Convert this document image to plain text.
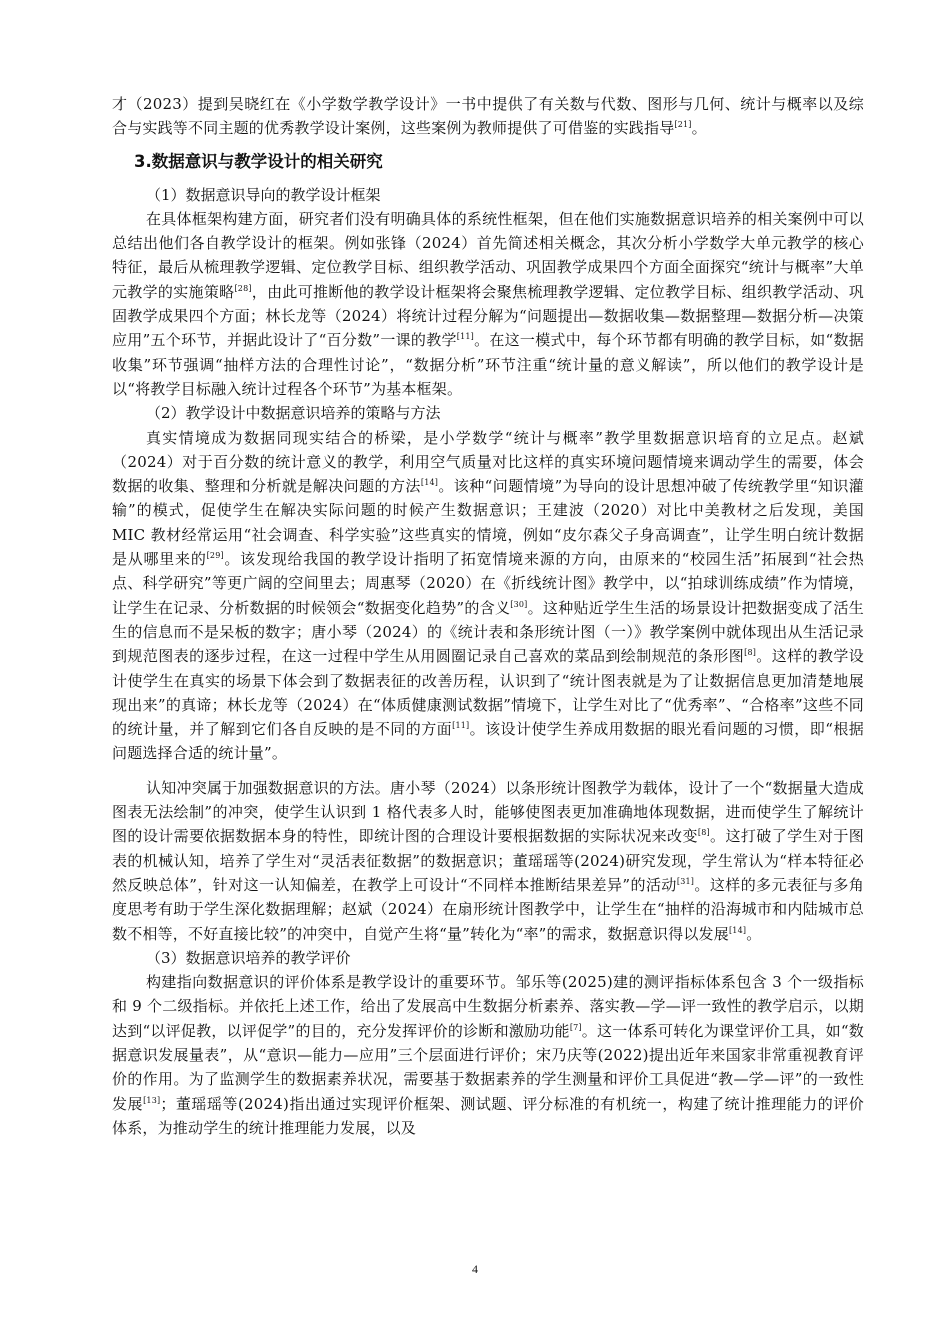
才（2023）提到吴晓红在《小学数学教学设计》一书中提供了有关数与代数、图形与几何、统计与概率以及综合与实践等不同主题的优秀教学设计案例，这些案例为教师提供了可借鉴的实践指导[21]。

3.数据意识与教学设计的相关研究
（1）数据意识导向的教学设计框架

在具体框架构建方面，研究者们没有明确具体的系统性框架，但在他们实施数据意识培养的相关案例中可以总结出他们各自教学设计的框架。例如张锋（2024）首先简述相关概念，其次分析小学数学大单元教学的核心特征，最后从梳理教学逻辑、定位教学目标、组织教学活动、巩固教学成果四个方面全面探究“统计与概率”大单元教学的实施策略[28]，由此可推断他的教学设计框架将会聚焦梳理教学逻辑、定位教学目标、组织教学活动、巩固教学成果四个方面；林长龙等（2024）将统计过程分解为“问题提出—数据收集—数据整理—数据分析—决策应用”五个环节，并据此设计了“百分数”一课的教学[11]。在这一模式中，每个环节都有明确的教学目标，如“数据收集”环节强调“抽样方法的合理性讨论”，“数据分析”环节注重“统计量的意义解读”，所以他们的教学设计是以“将教学目标融入统计过程各个环节”为基本框架。

（2）教学设计中数据意识培养的策略与方法

真实情境成为数据同现实结合的桥梁，是小学数学“统计与概率”教学里数据意识培育的立足点。赵斌（2024）对于百分数的统计意义的教学，利用空气质量对比这样的真实环境问题情境来调动学生的需要，体会数据的收集、整理和分析就是解决问题的方法[14]。该种“问题情境”为导向的设计思想冲破了传统教学里“知识灌输”的模式，促使学生在解决实际问题的时候产生数据意识；王建波（2020）对比中美教材之后发现，美国 MIC 教材经常运用“社会调查、科学实验”这些真实的情境，例如“皮尔森父子身高调查”，让学生明白统计数据是从哪里来的[29]。该发现给我国的教学设计指明了拓宽情境来源的方向，由原来的“校园生活”拓展到“社会热点、科学研究”等更广阔的空间里去；周惠琴（2020）在《折线统计图》教学中，以“拍球训练成绩”作为情境，让学生在记录、分析数据的时候领会“数据变化趋势”的含义[30]。这种贴近学生生活的场景设计把数据变成了活生生的信息而不是呆板的数字；唐小琴（2024）的《统计表和条形统计图（一）》教学案例中就体现出从生活记录到规范图表的逐步过程，在这一过程中学生从用圆圈记录自己喜欢的菜品到绘制规范的条形图[8]。这样的教学设计使学生在真实的场景下体会到了数据表征的改善历程，认识到了“统计图表就是为了让数据信息更加清楚地展现出来”的真谛；林长龙等（2024）在“体质健康测试数据”情境下，让学生对比了“优秀率”、“合格率”这些不同的统计量，并了解到它们各自反映的是不同的方面[11]。该设计使学生养成用数据的眼光看问题的习惯，即“根据问题选择合适的统计量”。

认知冲突属于加强数据意识的方法。唐小琴（2024）以条形统计图教学为载体，设计了一个“数据量大造成图表无法绘制”的冲突，使学生认识到 1 格代表多人时，能够使图表更加准确地体现数据，进而使学生了解统计图的设计需要依据数据本身的特性，即统计图的合理设计要根据数据的实际状况来改变[8]。这打破了学生对于图表的机械认知，培养了学生对“灵活表征数据”的数据意识；董瑶瑶等(2024)研究发现，学生常认为“样本特征必然反映总体”，针对这一认知偏差，在教学上可设计“不同样本推断结果差异”的活动[31]。这样的多元表征与多角度思考有助于学生深化数据理解；赵斌（2024）在扇形统计图教学中，让学生在“抽样的沿海城市和内陆城市总数不相等，不好直接比较”的冲突中，自觉产生将“量”转化为“率”的需求，数据意识得以发展[14]。

（3）数据意识培养的教学评价

构建指向数据意识的评价体系是教学设计的重要环节。邹乐等(2025)建的测评指标体系包含 3 个一级指标和 9 个二级指标。并依托上述工作，给出了发展高中生数据分析素养、落实教—学—评一致性的教学启示，以期达到“以评促教，以评促学”的目的，充分发挥评价的诊断和激励功能[7]。这一体系可转化为课堂评价工具，如“数据意识发展量表”，从“意识—能力—应用”三个层面进行评价；宋乃庆等(2022)提出近年来国家非常重视教育评价的作用。为了监测学生的数据素养状况，需要基于数据素养的学生测量和评价工具促进“教—学—评”的一致性发展[13]；董瑶瑶等(2024)指出通过实现评价框架、测试题、评分标准的有机统一，构建了统计推理能力的评价体系，为推动学生的统计推理能力发展，以及

4
